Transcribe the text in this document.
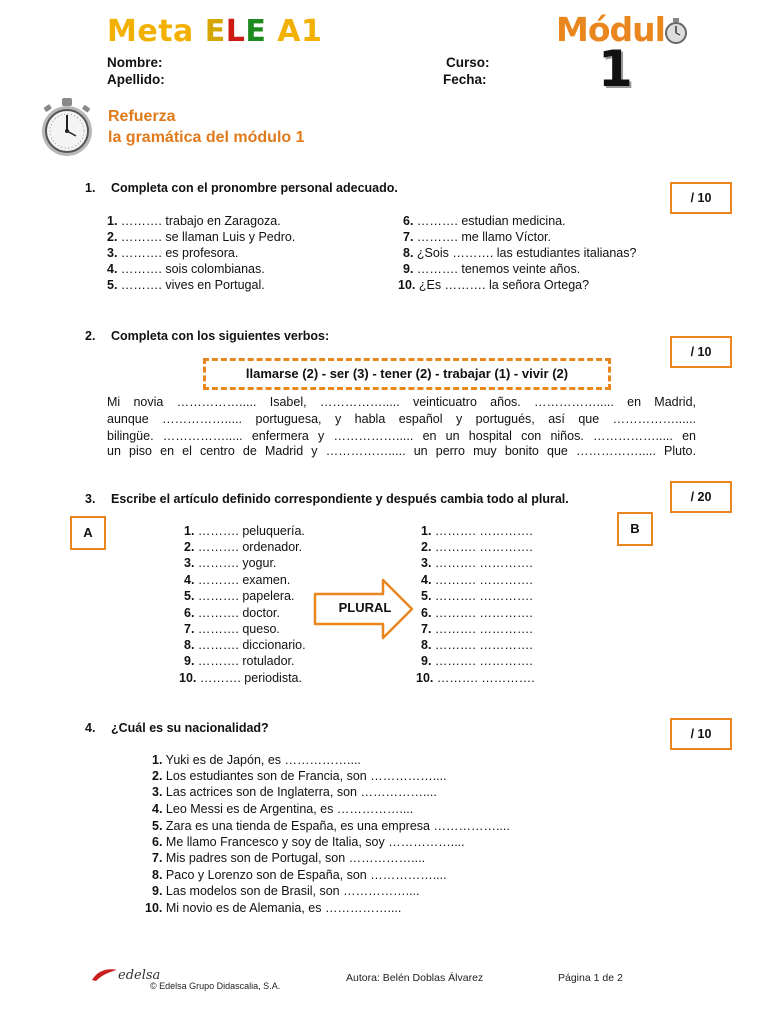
Meta ELE A1	Módul
1
Nombre:
Apellido:
Curso:
Fecha:
Refuerza
la gramática del módulo 1
1. Completa con el pronombre personal adecuado.
/ 10
1. ………. trabajo en Zaragoza.
2. ………. se llaman Luis y Pedro.
3. ………. es profesora.
4. ………. sois colombianas.
5. ………. vives en Portugal.
6. ………. estudian medicina.
7. ………. me llamo Víctor.
8. ¿Sois ………. las estudiantes italianas?
9. ………. tenemos veinte años.
10. ¿Es ………. la señora Ortega?
2. Completa con los siguientes verbos:
/ 10
llamarse (2) - ser (3) - tener (2) - trabajar (1) - vivir (2)
Mi novia ……………..... Isabel, ……………..... veinticuatro años. ……………..... en Madrid,
aunque ……………..... portuguesa, y habla español y portugués, así que ……………......
bilingüe. ……………..... enfermera y ……………..... en un hospital con niños. ……………..... en
un piso en el centro de Madrid y ……………..... un perro muy bonito que ……………..... Pluto.
3. Escribe el artículo definido correspondiente y después cambia todo al plural.	/ 20
A	B
1. ………. peluquería.
2. ………. ordenador.
3. ………. yogur.
4. ………. examen.
5. ………. papelera.
6. ………. doctor.
7. ………. queso.
8. ………. diccionario.
9. ………. rotulador.
10. ………. periodista.
PLURAL
1. ………. ………….
2. ………. ………….
3. ………. ………….
4. ………. ………….
5. ………. ………….
6. ………. ………….
7. ………. ………….
8. ………. ………….
9. ………. ………….
10. ………. ………….
4. ¿Cuál es su nacionalidad?	/ 10
1. Yuki es de Japón, es ……………....
2. Los estudiantes son de Francia, son ……………....
3. Las actrices son de Inglaterra, son ……………....
4. Leo Messi es de Argentina, es ……………....
5. Zara es una tienda de España, es una empresa ……………....
6. Me llamo Francesco y soy de Italia, soy ……………....
7. Mis padres son de Portugal, son ……………....
8. Paco y Lorenzo son de España, son ……………....
9. Las modelos son de Brasil, son ……………....
10. Mi novio es de Alemania, es ……………....
edelsa
© Edelsa Grupo Didascalia, S.A.
Autora: Belén Doblas Álvarez	Página 1 de 2
